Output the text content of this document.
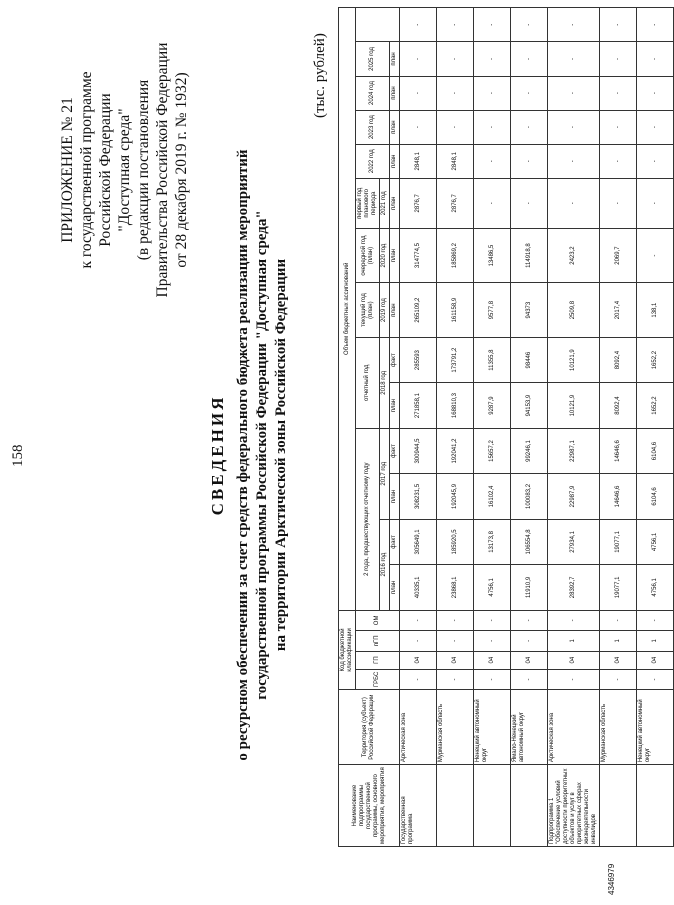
158
ПРИЛОЖЕНИЕ № 21 к государственной программе Российской Федерации "Доступная среда" (в редакции постановления Правительства Российской Федерации от 28 декабря 2019 г. № 1932)
СВЕДЕНИЯ о ресурсном обеспечении за счет средств федерального бюджета реализации мероприятий государственной программы Российской Федерации "Доступная среда" на территории Арктической зоны Российской Федерации
(тыс. рублей)
Наименование подпрограммы государственной программы, основного мероприятия, мероприятия	Территория (субъект) Российской Федерации	Код бюджетной классификации				Объем бюджетных ассигнований													
		ГРБС	ГП	пГП	ОМ	2 года, предшествующих отчетному году				отчетный год		текущий год (план)	очередной год (план)	первый год планового периода	2022 год	2023 год	2024 год	2025 год	
						2016 год		2017 год		2018 год		2019 год	2020 год	2021 год					
						план	факт	план	факт	план	факт	план	план	план	план	план	план	план	
Государственная программа	Арктическая зона	-	04	-	-	40335,1	305649,1	308231,5	300944,5	271858,1	285593	265109,2	314774,5	2876,7	2848,1	-	-	-	-
	Мурманская область	-	04	-	-	23868,1	185920,5	192045,9	192041,2	168810,3	173791,2	161158,9	185869,2	2876,7	2848,1	-	-	-	-
	Ненецкий автономный округ	-	04	-	-	4756,1	13173,8	16102,4	15657,2	9287,9	11355,8	9577,8	13486,5	-	-	-	-	-	-
	Ямало-Ненецкий автономный округ	-	04	-	-	11910,9	106554,8	100083,2	99246,1	94153,9	98446	94373	114918,8	-	-	-	-	-	-
Подпрограмма 1 "Обеспечение условий доступности приоритетных объектов и услуг в приоритетных сферах жизнедеятельности инвалидов	Арктическая зона	-	04	1	-	28392,7	27934,1	22987,9	22987,1	10121,9	10121,9	2509,8	2423,2	-	-	-	-	-	-
	Мурманская область	-	04	1	-	19077,1	19077,1	14646,6	14646,6	8092,4	8092,4	2017,4	2069,7	-	-	-	-	-	-
	Ненецкий автономный округ	-	04	1	-	4756,1	4756,1	6104,6	6104,6	1652,2	1652,2	138,1	-	-	-	-	-	-	-
4346979
